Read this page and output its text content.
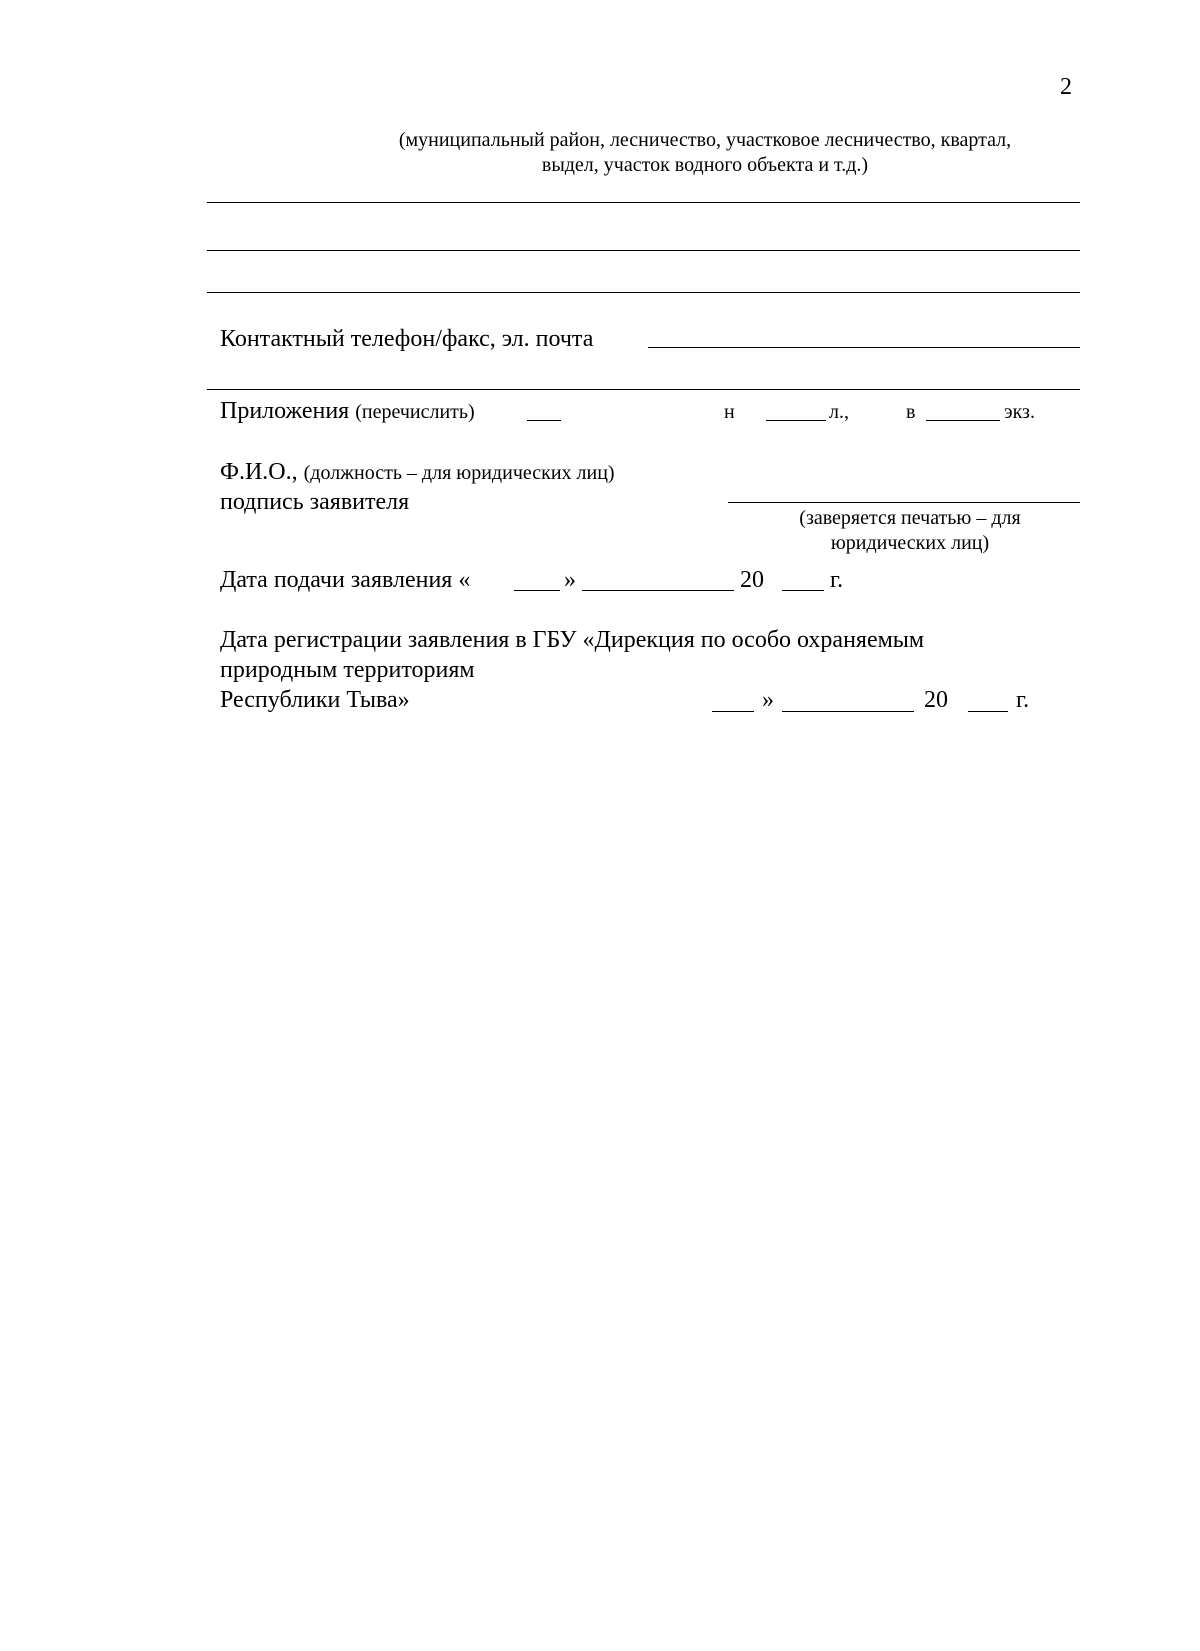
2
(муниципальный район, лесничество, участковое лесничество, квартал,
выдел, участок водного объекта и т.д.)
Контактный телефон/факс, эл. почта
Приложения (перечислить)	н	л.,	в	экз.
Ф.И.О., (должность – для юридических лиц)
подпись заявителя
(заверяется печатью – для
юридических лиц)
Дата подачи заявления «	»	20	г.
Дата регистрации заявления в ГБУ «Дирекция по особо охраняемым
природным территориям
Республики Тыва»	»	20	г.
